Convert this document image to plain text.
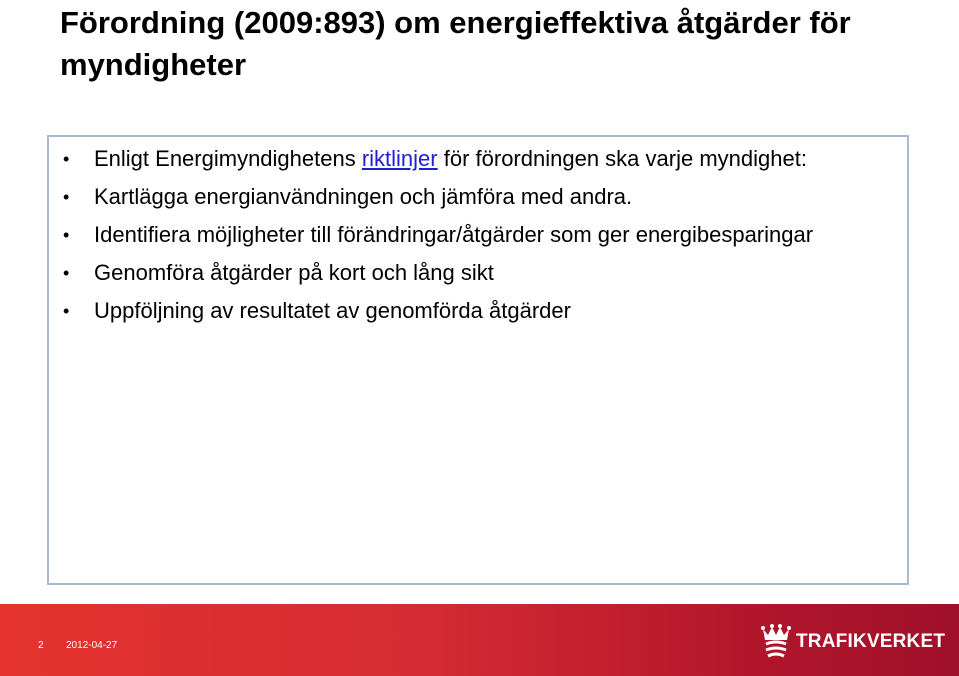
Förordning (2009:893) om energieffektiva åtgärder för myndigheter
• Enligt Energimyndighetens riktlinjer för förordningen ska varje myndighet:
• Kartlägga energianvändningen och jämföra med andra.
• Identifiera möjligheter till förändringar/åtgärder som ger energibesparingar
• Genomföra åtgärder på kort och lång sikt
• Uppföljning av resultatet av genomförda åtgärder
2 2012-04-27	TRAFIKVERKET
